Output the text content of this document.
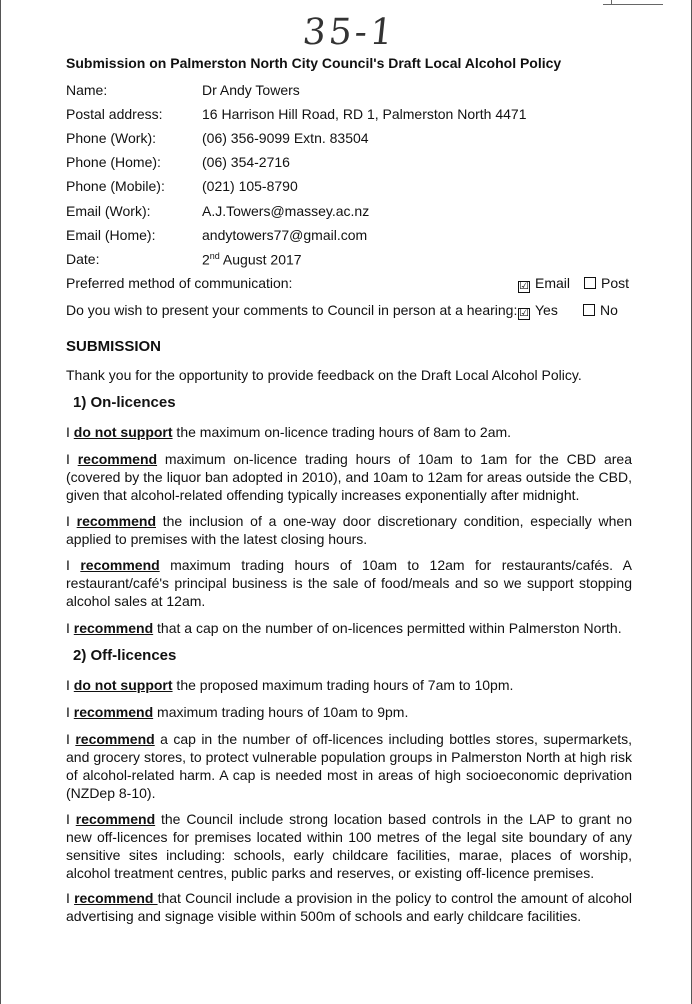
35-1
Submission on Palmerston North City Council's Draft Local Alcohol Policy
Name:	Dr Andy Towers
Postal address:	16 Harrison Hill Road, RD 1, Palmerston North 4471
Phone (Work):	(06) 356-9099 Extn. 83504
Phone (Home):	(06) 354-2716
Phone (Mobile):	(021) 105-8790
Email (Work):	A.J.Towers@massey.ac.nz
Email (Home):	andytowers77@gmail.com
Date:	2nd August 2017
Preferred method of communication:	☑ Email	Post
Do you wish to present your comments to Council in person at a hearing: ☑ Yes	No
SUBMISSION

Thank you for the opportunity to provide feedback on the Draft Local Alcohol Policy.

1) On-licences

I do not support the maximum on-licence trading hours of 8am to 2am.

I recommend maximum on-licence trading hours of 10am to 1am for the CBD area (covered by the liquor ban adopted in 2010), and 10am to 12am for areas outside the CBD, given that alcohol-related offending typically increases exponentially after midnight.

I recommend the inclusion of a one-way door discretionary condition, especially when applied to premises with the latest closing hours.

I recommend maximum trading hours of 10am to 12am for restaurants/cafés. A restaurant/café's principal business is the sale of food/meals and so we support stopping alcohol sales at 12am.

I recommend that a cap on the number of on-licences permitted within Palmerston North.

2) Off-licences

I do not support the proposed maximum trading hours of 7am to 10pm.

I recommend maximum trading hours of 10am to 9pm.

I recommend a cap in the number of off-licences including bottles stores, supermarkets, and grocery stores, to protect vulnerable population groups in Palmerston North at high risk of alcohol-related harm. A cap is needed most in areas of high socioeconomic deprivation (NZDep 8-10).

I recommend the Council include strong location based controls in the LAP to grant no new off-licences for premises located within 100 metres of the legal site boundary of any sensitive sites including: schools, early childcare facilities, marae, places of worship, alcohol treatment centres, public parks and reserves, or existing off-licence premises.

I recommend that Council include a provision in the policy to control the amount of alcohol advertising and signage visible within 500m of schools and early childcare facilities.
